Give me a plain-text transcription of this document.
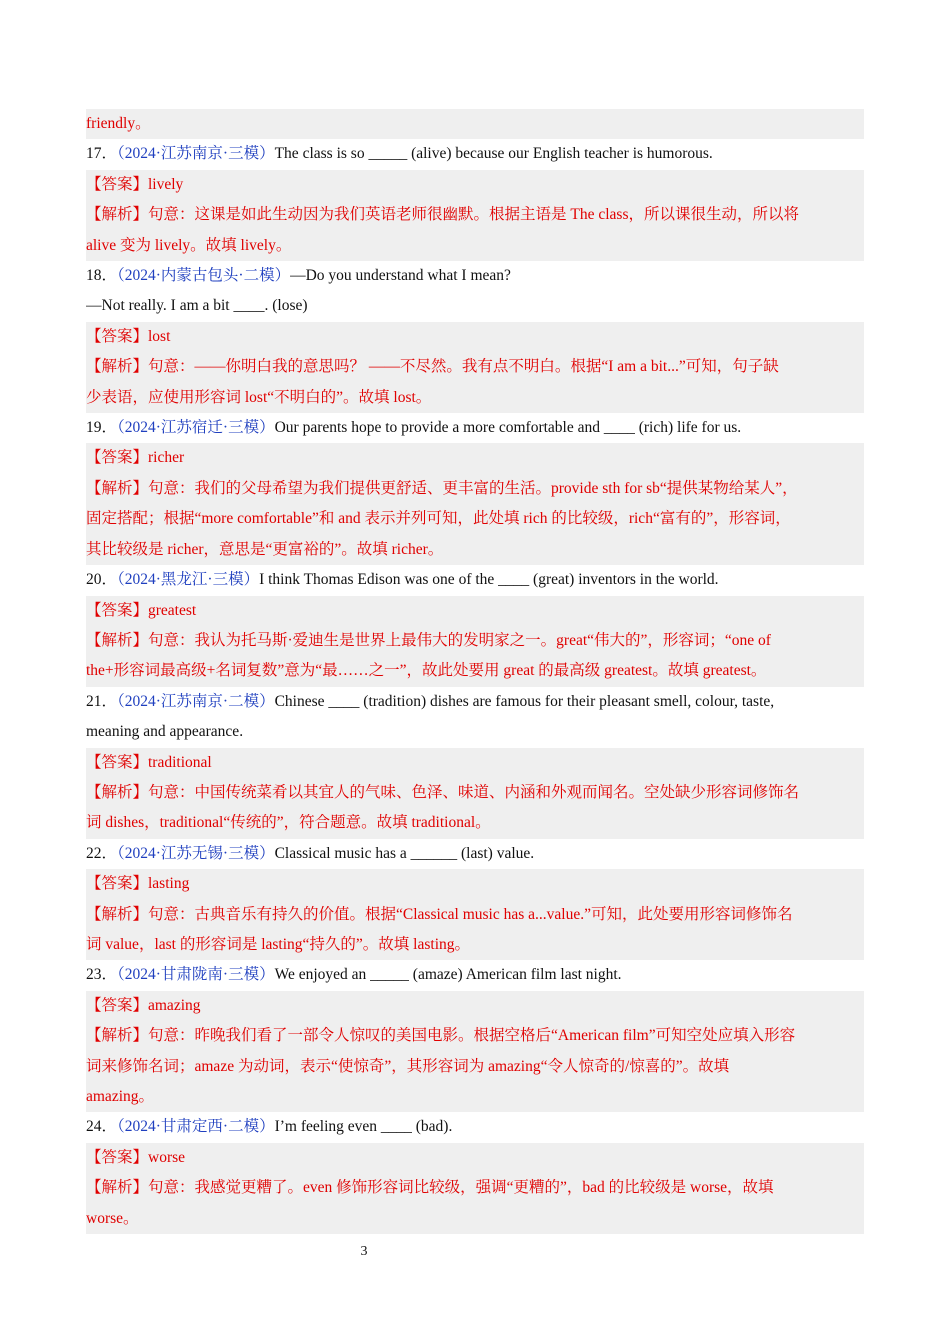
friendly。
17．（2024·江苏南京·三模）The class is so _____ (alive) because our English teacher is humorous.
【答案】lively
【解析】句意：这课是如此生动因为我们英语老师很幽默。根据主语是 The class，所以课很生动，所以将
alive 变为 lively。故填 lively。
18．（2024·内蒙古包头·二模）—Do you understand what I mean?
—Not really. I am a bit ____. (lose)
【答案】lost
【解析】句意：——你明白我的意思吗？ ——不尽然。我有点不明白。根据“I am a bit...”可知，句子缺
少表语，应使用形容词 lost“不明白的”。故填 lost。
19．（2024·江苏宿迁·三模）Our parents hope to provide a more comfortable and ____ (rich) life for us.
【答案】richer
【解析】句意：我们的父母希望为我们提供更舒适、更丰富的生活。provide sth for sb“提供某物给某人”，
固定搭配；根据“more comfortable”和 and 表示并列可知，此处填 rich 的比较级，rich“富有的”，形容词，
其比较级是 richer，意思是“更富裕的”。故填 richer。
20．（2024·黑龙江·三模）I think Thomas Edison was one of the ____ (great) inventors in the world.
【答案】greatest
【解析】句意：我认为托马斯·爱迪生是世界上最伟大的发明家之一。great“伟大的”，形容词；“one of
the+形容词最高级+名词复数”意为“最……之一”，故此处要用 great 的最高级 greatest。故填 greatest。
21．（2024·江苏南京·二模）Chinese ____ (tradition) dishes are famous for their pleasant smell, colour, taste,
meaning and appearance.
【答案】traditional
【解析】句意：中国传统菜肴以其宜人的气味、色泽、味道、内涵和外观而闻名。空处缺少形容词修饰名
词 dishes，traditional“传统的”，符合题意。故填 traditional。
22．（2024·江苏无锡·三模）Classical music has a ______ (last) value.
【答案】lasting
【解析】句意：古典音乐有持久的价值。根据“Classical music has a...value.”可知，此处要用形容词修饰名
词 value，last 的形容词是 lasting“持久的”。故填 lasting。
23．（2024·甘肃陇南·三模）We enjoyed an _____ (amaze) American film last night.
【答案】amazing
【解析】句意：昨晚我们看了一部令人惊叹的美国电影。根据空格后“American film”可知空处应填入形容
词来修饰名词；amaze 为动词，表示“使惊奇”，其形容词为 amazing“令人惊奇的/惊喜的”。故填
amazing。
24．（2024·甘肃定西·二模）I’m feeling even ____ (bad).
【答案】worse
【解析】句意：我感觉更糟了。even 修饰形容词比较级，强调“更糟的”，bad 的比较级是 worse，故填
worse。
3
